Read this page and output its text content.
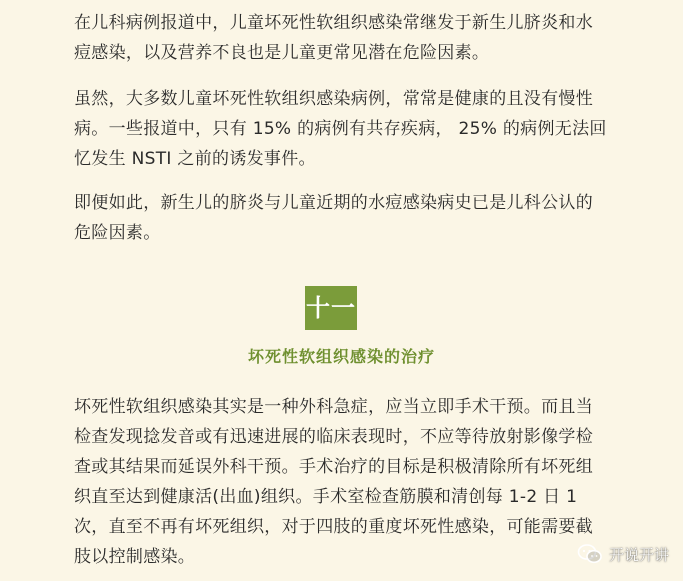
在儿科病例报道中，儿童坏死性软组织感染常继发于新生儿脐炎和水痘感染，以及营养不良也是儿童更常见潜在危险因素。

虽然，大多数儿童坏死性软组织感染病例，常常是健康的且没有慢性病。一些报道中，只有 15% 的病例有共存疾病， 25% 的病例无法回忆发生 NSTI 之前的诱发事件。

即便如此，新生儿的脐炎与儿童近期的水痘感染病史已是儿科公认的危险因素。

坏死性软组织感染其实是一种外科急症，应当立即手术干预。而且当检查发现捻发音或有迅速进展的临床表现时，不应等待放射影像学检查或其结果而延误外科干预。手术治疗的目标是积极清除所有坏死组织直至达到健康活(出血)组织。手术室检查筋膜和清创每 1-2 日 1 次，直至不再有坏死组织，对于四肢的重度坏死性感染，可能需要截肢以控制感染。

十一
坏死性软组织感染的治疗
开说开讲
